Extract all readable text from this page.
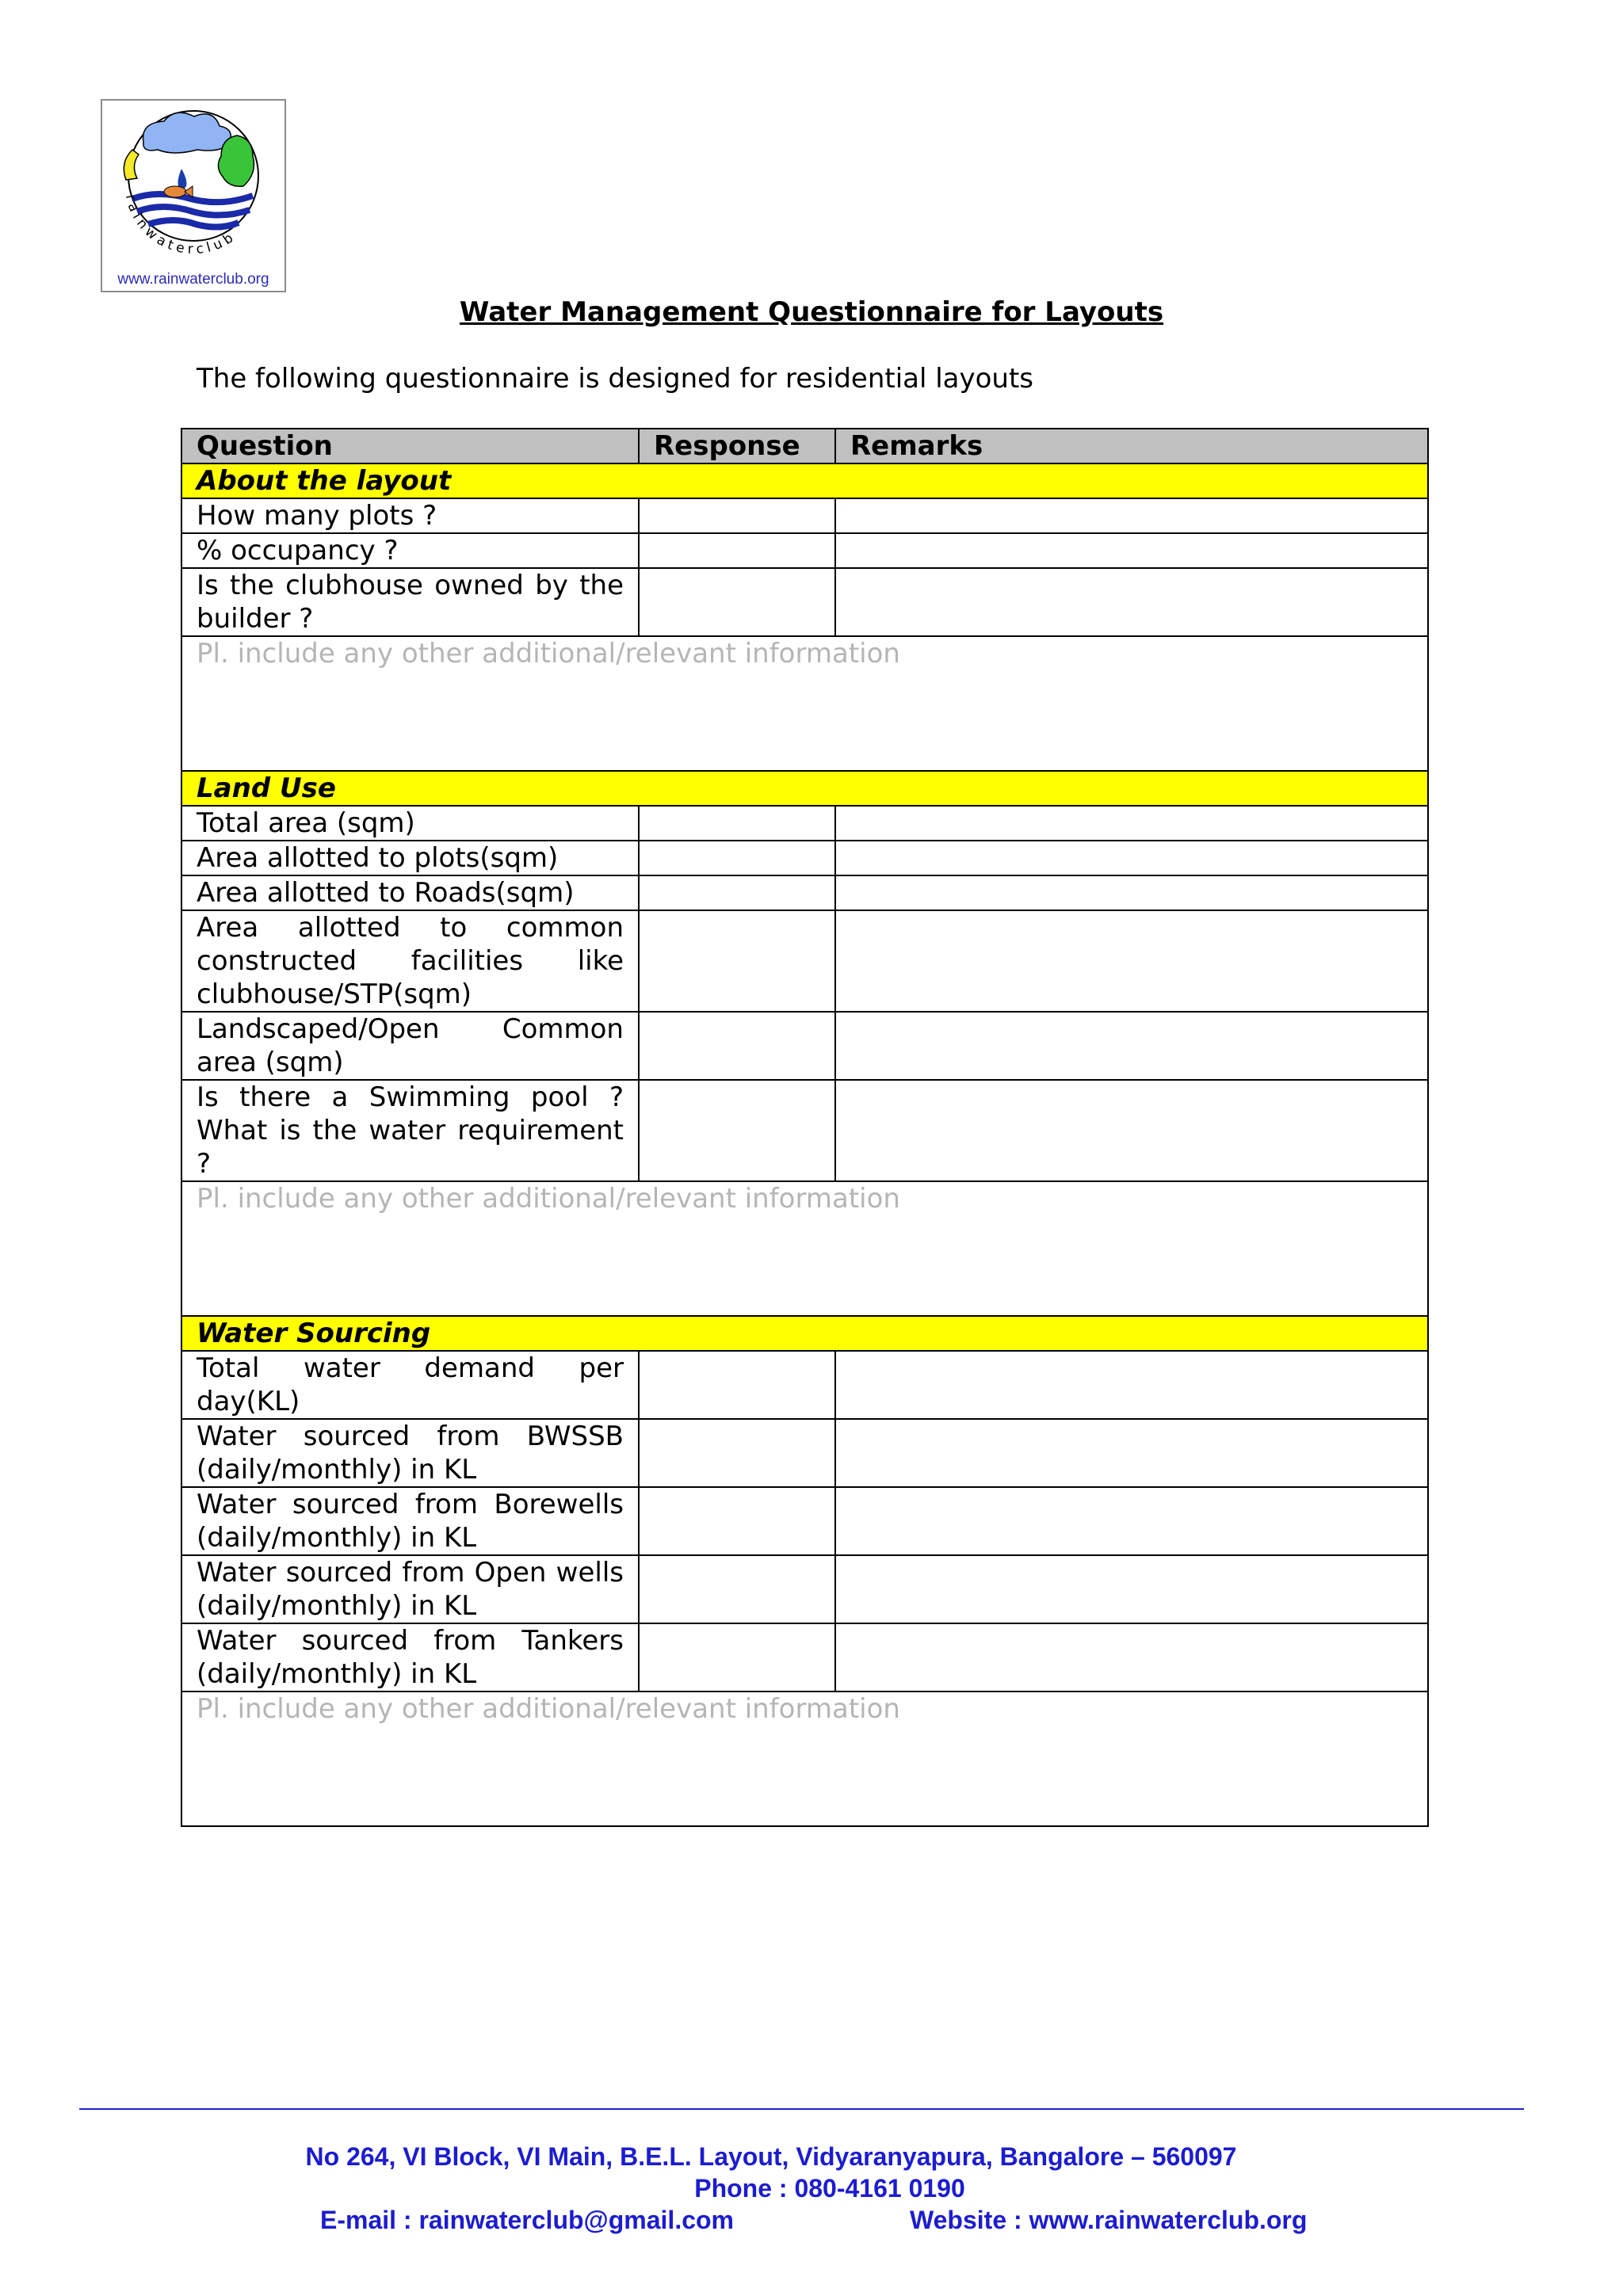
rainwaterclub
www.rainwaterclub.org
Water Management Questionnaire for Layouts
The following questionnaire is designed for residential layouts
Question	Response	Remarks
About the layout		
How many plots ?		
% occupancy ?		
Is the clubhouse owned by the builder ?		
Pl. include any other additional/relevant information		
Land Use		
Total area (sqm)		
Area allotted to plots(sqm)		
Area allotted to Roads(sqm)		
Area allotted to common constructed facilities like clubhouse/STP(sqm)		
Landscaped/Open Common area (sqm)		
Is there a Swimming pool ? What is the water requirement ?		
Pl. include any other additional/relevant information		
Water Sourcing		
Total water demand per day(KL)		
Water sourced from BWSSB (daily/monthly) in KL		
Water sourced from Borewells (daily/monthly) in KL		
Water sourced from Open wells (daily/monthly) in KL		
Water sourced from Tankers (daily/monthly) in KL		
Pl. include any other additional/relevant information		
No 264, VI Block, VI Main, B.E.L. Layout, Vidyaranyapura, Bangalore – 560097
Phone : 080-4161 0190
E-mail : rainwaterclub@gmail.com	Website : www.rainwaterclub.org
